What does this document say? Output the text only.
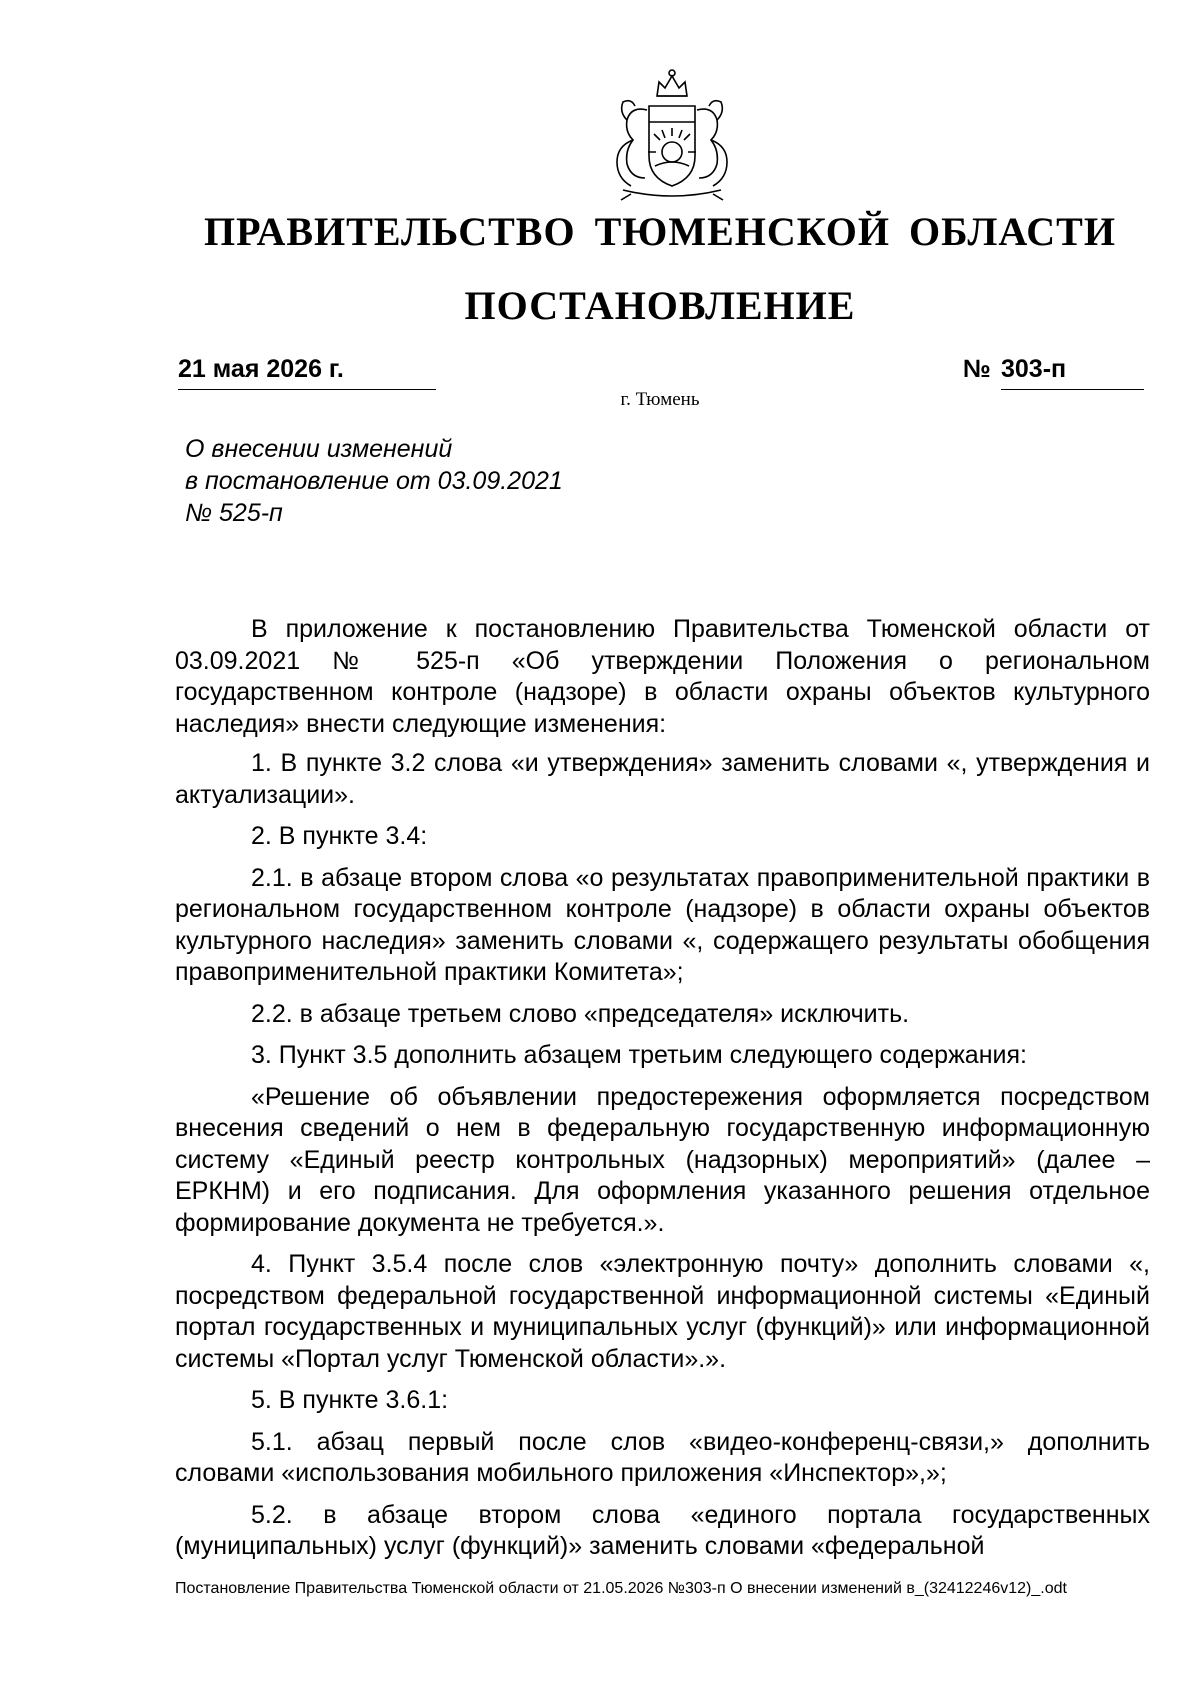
ПРАВИТЕЛЬСТВО ТЮМЕНСКОЙ ОБЛАСТИ
ПОСТАНОВЛЕНИЕ
21 мая 2026 г.	№ 303-п
г. Тюмень
О внесении изменений
в постановление от 03.09.2021
№ 525-п

В приложение к постановлению Правительства Тюменской области от 03.09.2021 № 525-п «Об утверждении Положения о региональном государственном контроле (надзоре) в области охраны объектов культурного наследия» внести следующие изменения:

1. В пункте 3.2 слова «и утверждения» заменить словами «, утверждения и актуализации».

2. В пункте 3.4:

2.1. в абзаце втором слова «о результатах правоприменительной практики в региональном государственном контроле (надзоре) в области охраны объектов культурного наследия» заменить словами «, содержащего результаты обобщения правоприменительной практики Комитета»;

2.2. в абзаце третьем слово «председателя» исключить.

3. Пункт 3.5 дополнить абзацем третьим следующего содержания:

«Решение об объявлении предостережения оформляется посредством внесения сведений о нем в федеральную государственную информационную систему «Единый реестр контрольных (надзорных) мероприятий» (далее – ЕРКНМ) и его подписания. Для оформления указанного решения отдельное формирование документа не требуется.».

4. Пункт 3.5.4 после слов «электронную почту» дополнить словами «, посредством федеральной государственной информационной системы «Единый портал государственных и муниципальных услуг (функций)» или информационной системы «Портал услуг Тюменской области».».

5. В пункте 3.6.1:

5.1. абзац первый после слов «видео-конференц-связи,» дополнить словами «использования мобильного приложения «Инспектор»,»;

5.2. в абзаце втором слова «единого портала государственных (муниципальных) услуг (функций)» заменить словами «федеральной

Постановление Правительства Тюменской области от 21.05.2026 №303-п О внесении изменений в_(32412246v12)_.odt
